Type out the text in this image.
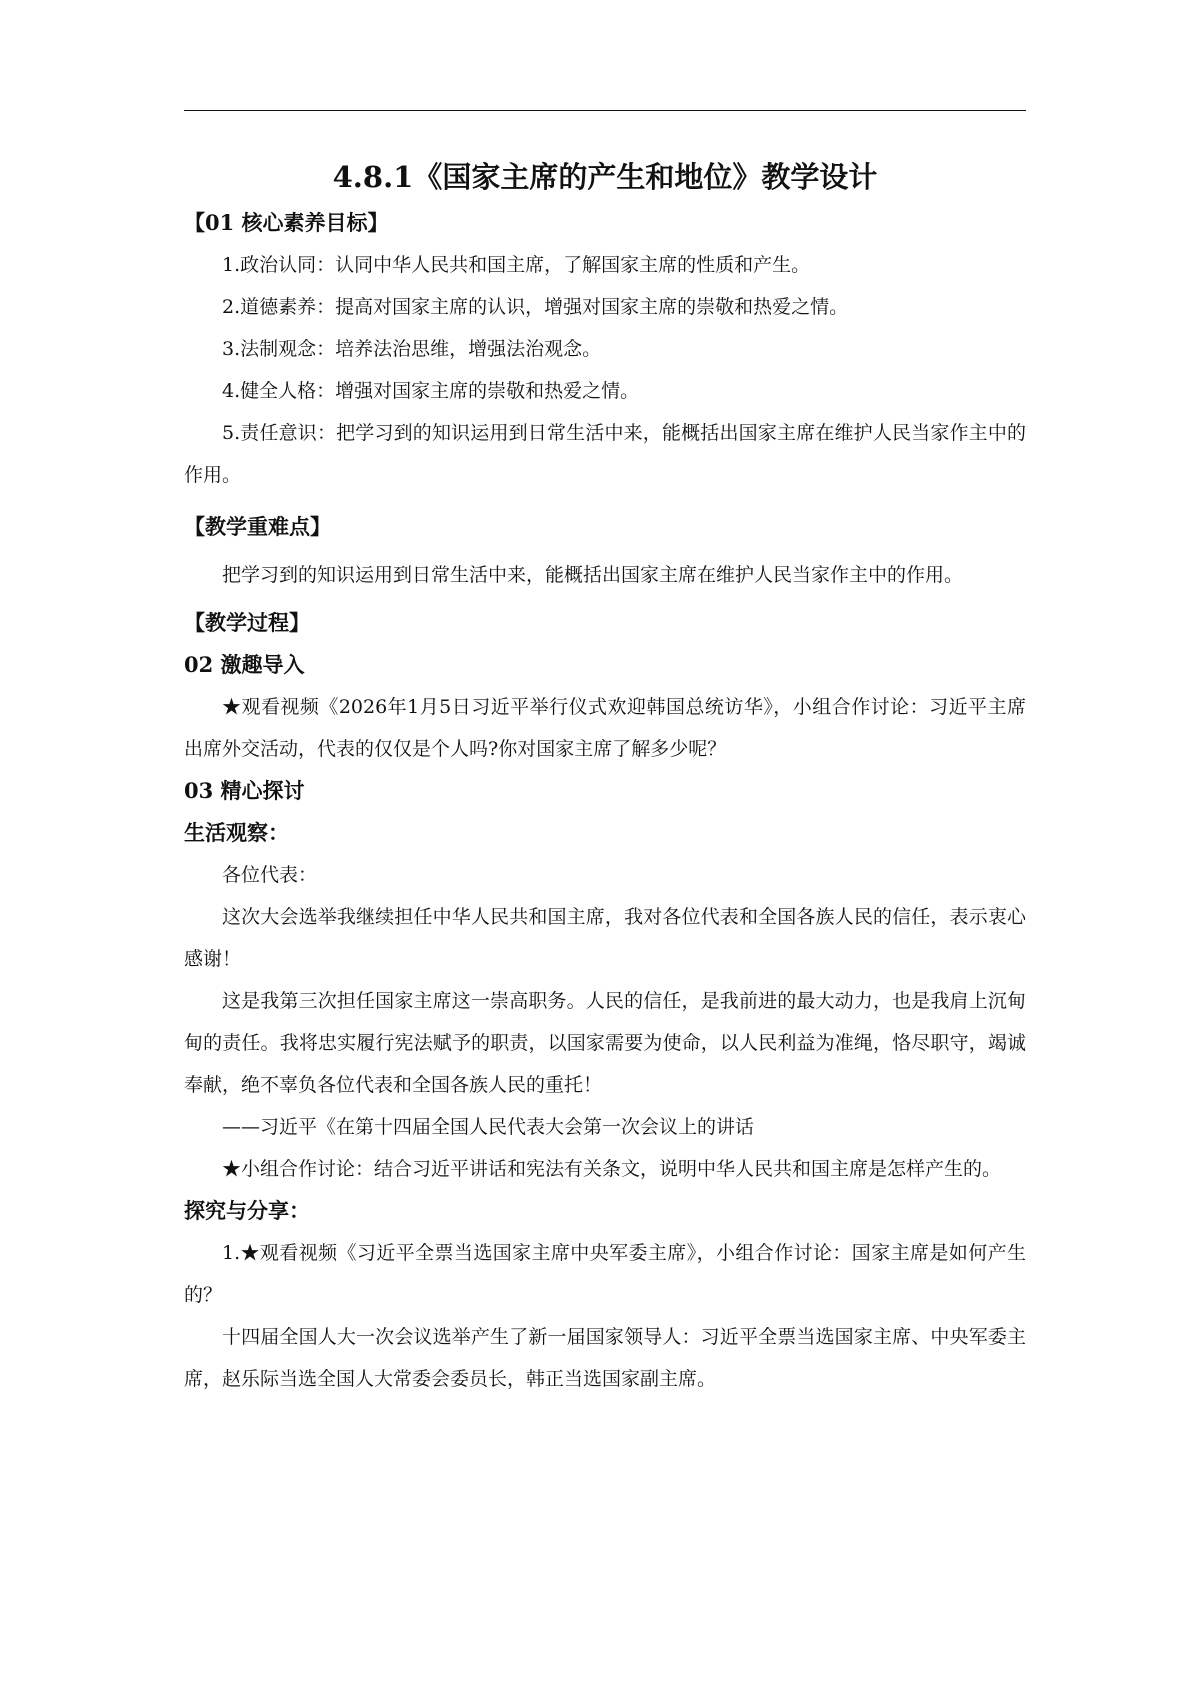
4.8.1《国家主席的产生和地位》教学设计
【01 核心素养目标】

1.政治认同：认同中华人民共和国主席，了解国家主席的性质和产生。

2.道德素养：提高对国家主席的认识，增强对国家主席的崇敬和热爱之情。

3.法制观念：培养法治思维，增强法治观念。

4.健全人格：增强对国家主席的崇敬和热爱之情。

5.责任意识：把学习到的知识运用到日常生活中来，能概括出国家主席在维护人民当家作主中的作用。

【教学重难点】

把学习到的知识运用到日常生活中来，能概括出国家主席在维护人民当家作主中的作用。

【教学过程】
02 激趣导入

★观看视频《2026年1月5日习近平举行仪式欢迎韩国总统访华》，小组合作讨论：习近平主席出席外交活动，代表的仅仅是个人吗?你对国家主席了解多少呢？

03 精心探讨
生活观察：

各位代表：

这次大会选举我继续担任中华人民共和国主席，我对各位代表和全国各族人民的信任，表示衷心感谢！

这是我第三次担任国家主席这一崇高职务。人民的信任，是我前进的最大动力，也是我肩上沉甸甸的责任。我将忠实履行宪法赋予的职责，以国家需要为使命，以人民利益为准绳，恪尽职守，竭诚奉献，绝不辜负各位代表和全国各族人民的重托！

——习近平《在第十四届全国人民代表大会第一次会议上的讲话

★小组合作讨论：结合习近平讲话和宪法有关条文，说明中华人民共和国主席是怎样产生的。

探究与分享：

1.★观看视频《习近平全票当选国家主席中央军委主席》，小组合作讨论：国家主席是如何产生的？

十四届全国人大一次会议选举产生了新一届国家领导人：习近平全票当选国家主席、中央军委主席，赵乐际当选全国人大常委会委员长，韩正当选国家副主席。
